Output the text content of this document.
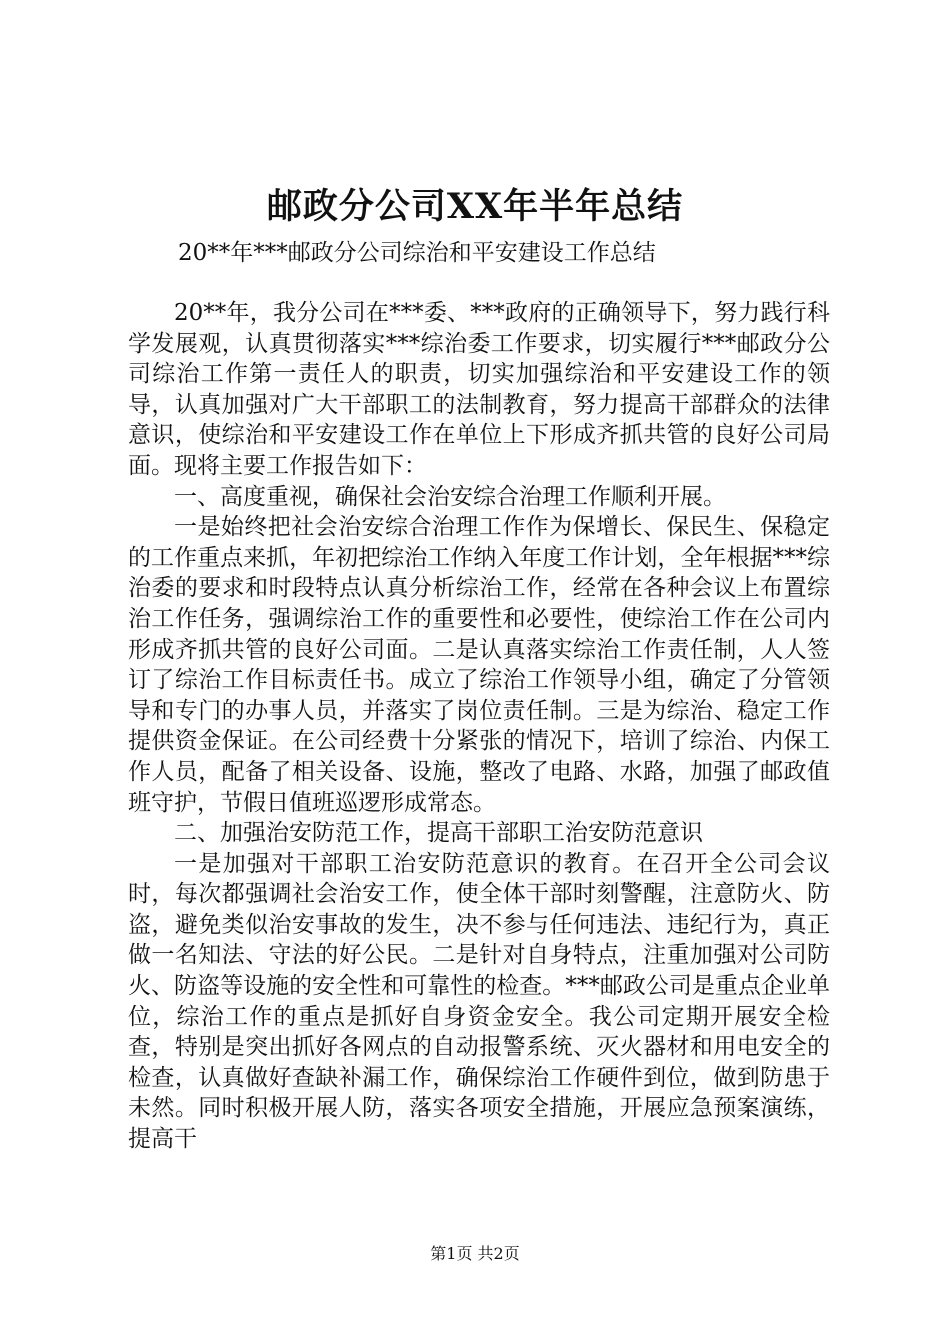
邮政分公司XX年半年总结
20**年***邮政分公司综治和平安建设工作总结

20**年，我分公司在***委、***政府的正确领导下，努力践行科学发展观，认真贯彻落实***综治委工作要求，切实履行***邮政分公司综治工作第一责任人的职责，切实加强综治和平安建设工作的领导，认真加强对广大干部职工的法制教育，努力提高干部群众的法律意识，使综治和平安建设工作在单位上下形成齐抓共管的良好公司局面。现将主要工作报告如下：

一、高度重视，确保社会治安综合治理工作顺利开展。

一是始终把社会治安综合治理工作作为保增长、保民生、保稳定的工作重点来抓，年初把综治工作纳入年度工作计划，全年根据***综治委的要求和时段特点认真分析综治工作，经常在各种会议上布置综治工作任务，强调综治工作的重要性和必要性，使综治工作在公司内形成齐抓共管的良好公司面。二是认真落实综治工作责任制，人人签订了综治工作目标责任书。成立了综治工作领导小组，确定了分管领导和专门的办事人员，并落实了岗位责任制。三是为综治、稳定工作提供资金保证。在公司经费十分紧张的情况下，培训了综治、内保工作人员，配备了相关设备、设施，整改了电路、水路，加强了邮政值班守护，节假日值班巡逻形成常态。

二、加强治安防范工作，提高干部职工治安防范意识

一是加强对干部职工治安防范意识的教育。在召开全公司会议时，每次都强调社会治安工作，使全体干部时刻警醒，注意防火、防盗，避免类似治安事故的发生，决不参与任何违法、违纪行为，真正做一名知法、守法的好公民。二是针对自身特点，注重加强对公司防火、防盗等设施的安全性和可靠性的检查。***邮政公司是重点企业单位，综治工作的重点是抓好自身资金安全。我公司定期开展安全检查，特别是突出抓好各网点的自动报警系统、灭火器材和用电安全的检查，认真做好查缺补漏工作，确保综治工作硬件到位，做到防患于未然。同时积极开展人防，落实各项安全措施，开展应急预案演练，提高干

第1页 共2页
